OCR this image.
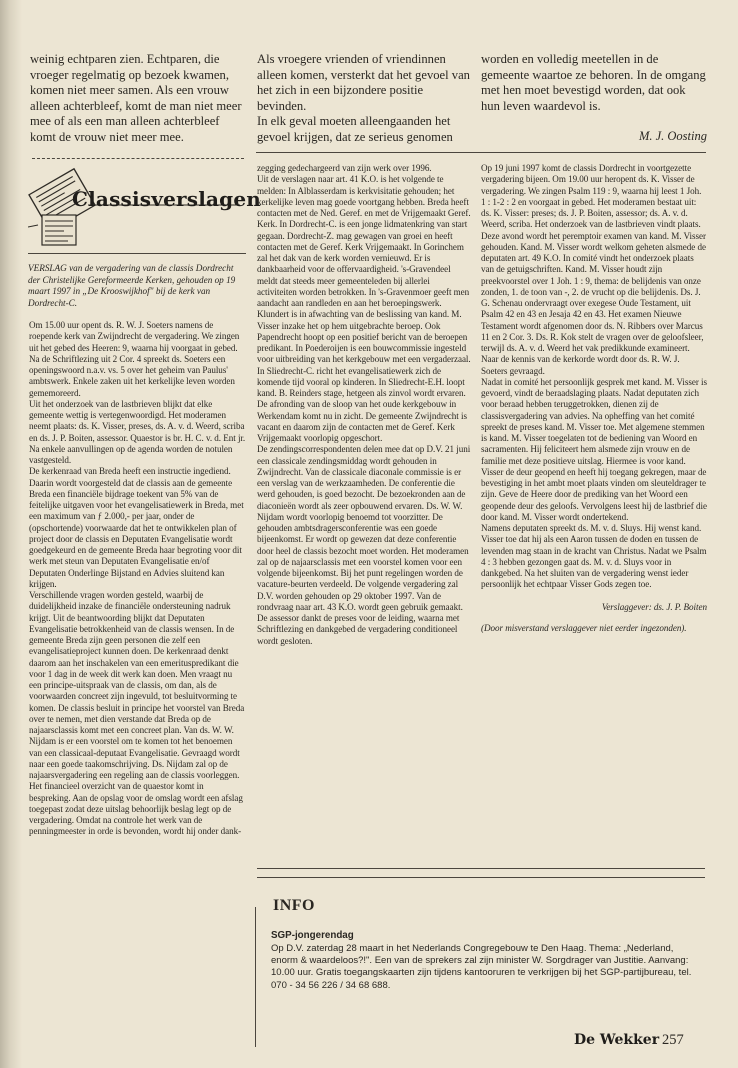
weinig echtparen zien. Echtparen, die vroeger regelmatig op bezoek kwamen, komen niet meer samen. Als een vrouw alleen achterbleef, komt de man niet meer mee of als een man alleen achterbleef komt de vrouw niet meer mee.

Als vroegere vrienden of vriendinnen alleen komen, versterkt dat het gevoel van het zich in een bijzondere positie bevinden.

In elk geval moeten alleengaanden het gevoel krijgen, dat ze serieus genomen

worden en volledig meetellen in de gemeente waartoe ze behoren. In de omgang met hen moet bevestigd worden, dat ook hun leven waardevol is.

M. J. Oosting
Classisverslagen
VERSLAG van de vergadering van de classis Dordrecht der Christelijke Gereformeerde Kerken, gehouden op 19 maart 1997 in „De Krooswijkhof" bij de kerk van Dordrecht-C.

Om 15.00 uur opent ds. R. W. J. Soeters namens de roepende kerk van Zwijndrecht de vergadering. We zingen uit het gebed des Heeren: 9, waarna hij voorgaat in gebed. Na de Schriftlezing uit 2 Cor. 4 spreekt ds. Soeters een openingswoord n.a.v. vs. 5 over het geheim van Paulus' ambtswerk. Enkele zaken uit het kerkelijke leven worden gememoreerd.

Uit het onderzoek van de lastbrieven blijkt dat elke gemeente wettig is vertegenwoordigd. Het moderamen neemt plaats: ds. K. Visser, preses, ds. A. v. d. Weerd, scriba en ds. J. P. Boiten, assessor. Quaestor is br. H. C. v. d. Ent jr. Na enkele aanvullingen op de agenda worden de notulen vastgesteld.

De kerkenraad van Breda heeft een instructie ingediend. Daarin wordt voorgesteld dat de classis aan de gemeente Breda een financiële bijdrage toekent van 5% van de feitelijke uitgaven voor het evangelisatiewerk in Breda, met een maximum van ƒ 2.000,- per jaar, onder de (opschortende) voorwaarde dat het te ontwikkelen plan of project door de classis en Deputaten Evangelisatie wordt goedgekeurd en de gemeente Breda haar begroting voor dit werk met steun van Deputaten Evangelisatie en/of Deputaten Onderlinge Bijstand en Advies sluitend kan krijgen.

Verschillende vragen worden gesteld, waarbij de duidelijkheid inzake de financiële ondersteuning nadruk krijgt. Uit de beantwoording blijkt dat Deputaten Evangelisatie betrokkenheid van de classis wensen. In de gemeente Breda zijn geen personen die zelf een evangelisatieproject kunnen doen. De kerkenraad denkt daarom aan het inschakelen van een emerituspredikant die voor 1 dag in de week dit werk kan doen. Men vraagt nu een principe-uitspraak van de classis, om dan, als de voorwaarden concreet zijn ingevuld, tot besluitvorming te komen. De classis besluit in principe het voorstel van Breda over te nemen, met dien verstande dat Breda op de najaarsclassis komt met een concreet plan. Van ds. W. W. Nijdam is er een voorstel om te komen tot het benoemen van een classicaal-deputaat Evangelisatie. Gevraagd wordt naar een goede taakomschrijving. Ds. Nijdam zal op de najaarsvergadering een regeling aan de classis voorleggen.

Het financieel overzicht van de quaestor komt in bespreking. Aan de opslag voor de omslag wordt een afslag toegepast zodat deze uitslag behoorlijk beslag legt op de vergadering. Omdat na controle het werk van de penningmeester in orde is bevonden, wordt hij onder dank-

zegging gedechargeerd van zijn werk over 1996.

Uit de verslagen naar art. 41 K.O. is het volgende te melden: In Alblasserdam is kerkvisitatie gehouden; het kerkelijke leven mag goede voortgang hebben. Breda heeft contacten met de Ned. Geref. en met de Vrijgemaakt Geref. Kerk. In Dordrecht-C. is een jonge lidmatenkring van start gegaan. Dordrecht-Z. mag gewagen van groei en heeft contacten met de Geref. Kerk Vrijgemaakt. In Gorinchem zal het dak van de kerk worden vernieuwd. Er is dankbaarheid voor de offervaardigheid. 's-Gravendeel meldt dat steeds meer gemeenteleden bij allerlei activiteiten worden betrokken. In 's-Gravenmoer geeft men aandacht aan randleden en aan het beroepingswerk. Klundert is in afwachting van de beslissing van kand. M. Visser inzake het op hem uitgebrachte beroep. Ook Papendrecht hoopt op een positief bericht van de beroepen predikant. In Poederoijen is een bouwcommissie ingesteld voor uitbreiding van het kerkgebouw met een vergaderzaal. In Sliedrecht-C. richt het evangelisatiewerk zich de komende tijd vooral op kinderen. In Sliedrecht-E.H. loopt kand. B. Reinders stage, hetgeen als zinvol wordt ervaren. De afronding van de sloop van het oude kerkgebouw in Werkendam komt nu in zicht. De gemeente Zwijndrecht is vacant en daarom zijn de contacten met de Geref. Kerk Vrijgemaakt voorlopig opgeschort.

De zendingscorrespondenten delen mee dat op D.V. 21 juni een classicale zendingsmiddag wordt gehouden in Zwijndrecht. Van de classicale diaconale commissie is er een verslag van de werkzaamheden. De conferentie die werd gehouden, is goed bezocht. De bezoekronden aan de diaconieën wordt als zeer opbouwend ervaren. Ds. W. W. Nijdam wordt voorlopig benoemd tot voorzitter. De gehouden ambtsdragersconferentie was een goede bijeenkomst. Er wordt op gewezen dat deze conferentie door heel de classis bezocht moet worden. Het moderamen zal op de najaarsclassis met een voorstel komen voor een volgende bijeenkomst. Bij het punt regelingen worden de vacature-beurten verdeeld. De volgende vergadering zal D.V. worden gehouden op 29 oktober 1997. Van de rondvraag naar art. 43 K.O. wordt geen gebruik gemaakt. De assessor dankt de preses voor de leiding, waarna met Schriftlezing en dankgebed de vergadering conditioneel wordt gesloten.

Op 19 juni 1997 komt de classis Dordrecht in voortgezette vergadering bijeen. Om 19.00 uur heropent ds. K. Visser de vergadering. We zingen Psalm 119 : 9, waarna hij leest 1 Joh. 1 : 1-2 : 2 en voorgaat in gebed. Het moderamen bestaat uit: ds. K. Visser: preses; ds. J. P. Boiten, assessor; ds. A. v. d. Weerd, scriba. Het onderzoek van de lastbrieven vindt plaats.

Deze avond wordt het peremptoir examen van kand. M. Visser gehouden. Kand. M. Visser wordt welkom geheten alsmede de deputaten art. 49 K.O. In comité vindt het onderzoek plaats van de getuigschriften. Kand. M. Visser houdt zijn preekvoorstel over 1 Joh. 1 : 9, thema: de belijdenis van onze zonden, 1. de toon van -, 2. de vrucht op die belijdenis. Ds. J. G. Schenau ondervraagt over exegese Oude Testament, uit Psalm 42 en 43 en Jesaja 42 en 43. Het examen Nieuwe Testament wordt afgenomen door ds. N. Ribbers over Marcus 11 en 2 Cor. 3. Ds. R. Kok stelt de vragen over de geloofsleer, terwijl ds. A. v. d. Weerd het vak predikkunde examineert. Naar de kennis van de kerkorde wordt door ds. R. W. J. Soeters gevraagd.

Nadat in comité het persoonlijk gesprek met kand. M. Visser is gevoerd, vindt de beraadslaging plaats. Nadat deputaten zich voor beraad hebben teruggetrokken, dienen zij de classisvergadering van advies. Na opheffing van het comité spreekt de preses kand. M. Visser toe. Met algemene stemmen is kand. M. Visser toegelaten tot de bediening van Woord en sacramenten. Hij feliciteert hem alsmede zijn vrouw en de familie met deze positieve uitslag. Hiermee is voor kand. Visser de deur geopend en heeft hij toegang gekregen, maar de bevestiging in het ambt moet plaats vinden om sleuteldrager te zijn. Geve de Heere door de prediking van het Woord een geopende deur des geloofs. Vervolgens leest hij de lastbrief die door kand. M. Visser wordt ondertekend.

Namens deputaten spreekt ds. M. v. d. Sluys. Hij wenst kand. Visser toe dat hij als een Aaron tussen de doden en tussen de levenden mag staan in de kracht van Christus. Nadat we Psalm 4 : 3 hebben gezongen gaat ds. M. v. d. Sluys voor in dankgebed. Na het sluiten van de vergadering wenst ieder persoonlijk het echtpaar Visser Gods zegen toe.

Verslaggever: ds. J. P. Boiten

(Door misverstand verslaggever niet eerder ingezonden).

INFO
SGP-jongerendag
Op D.V. zaterdag 28 maart in het Nederlands Congregebouw te Den Haag. Thema: „Nederland, enorm & waardeloos?!". Een van de sprekers zal zijn minister W. Sorgdrager van Justitie. Aanvang: 10.00 uur. Gratis toegangskaarten zijn tijdens kantooruren te verkrijgen bij het SGP-partijbureau, tel. 070 - 34 56 226 / 34 68 688.
De Wekker 257
